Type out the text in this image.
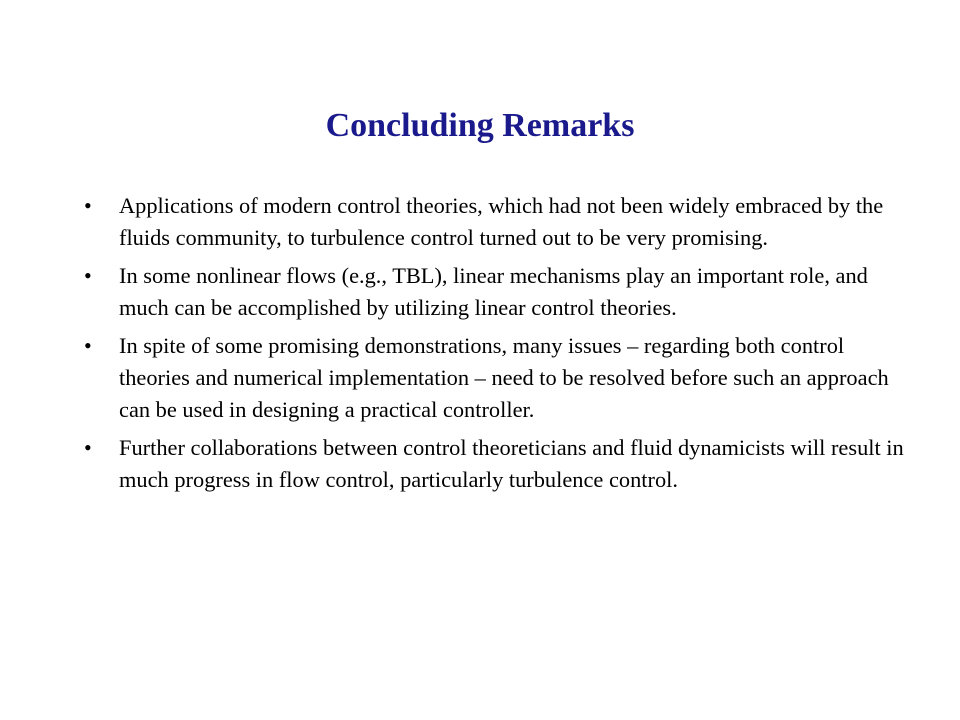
Concluding Remarks
• Applications of modern control theories, which had not been widely embraced by the fluids community, to turbulence control turned out to be very promising.
• In some nonlinear flows (e.g., TBL), linear mechanisms play an important role, and much can be accomplished by utilizing linear control theories.
• In spite of some promising demonstrations, many issues – regarding both control theories and numerical implementation – need to be resolved before such an approach can be used in designing a practical controller.
• Further collaborations between control theoreticians and fluid dynamicists will result in much progress in flow control, particularly turbulence control.
